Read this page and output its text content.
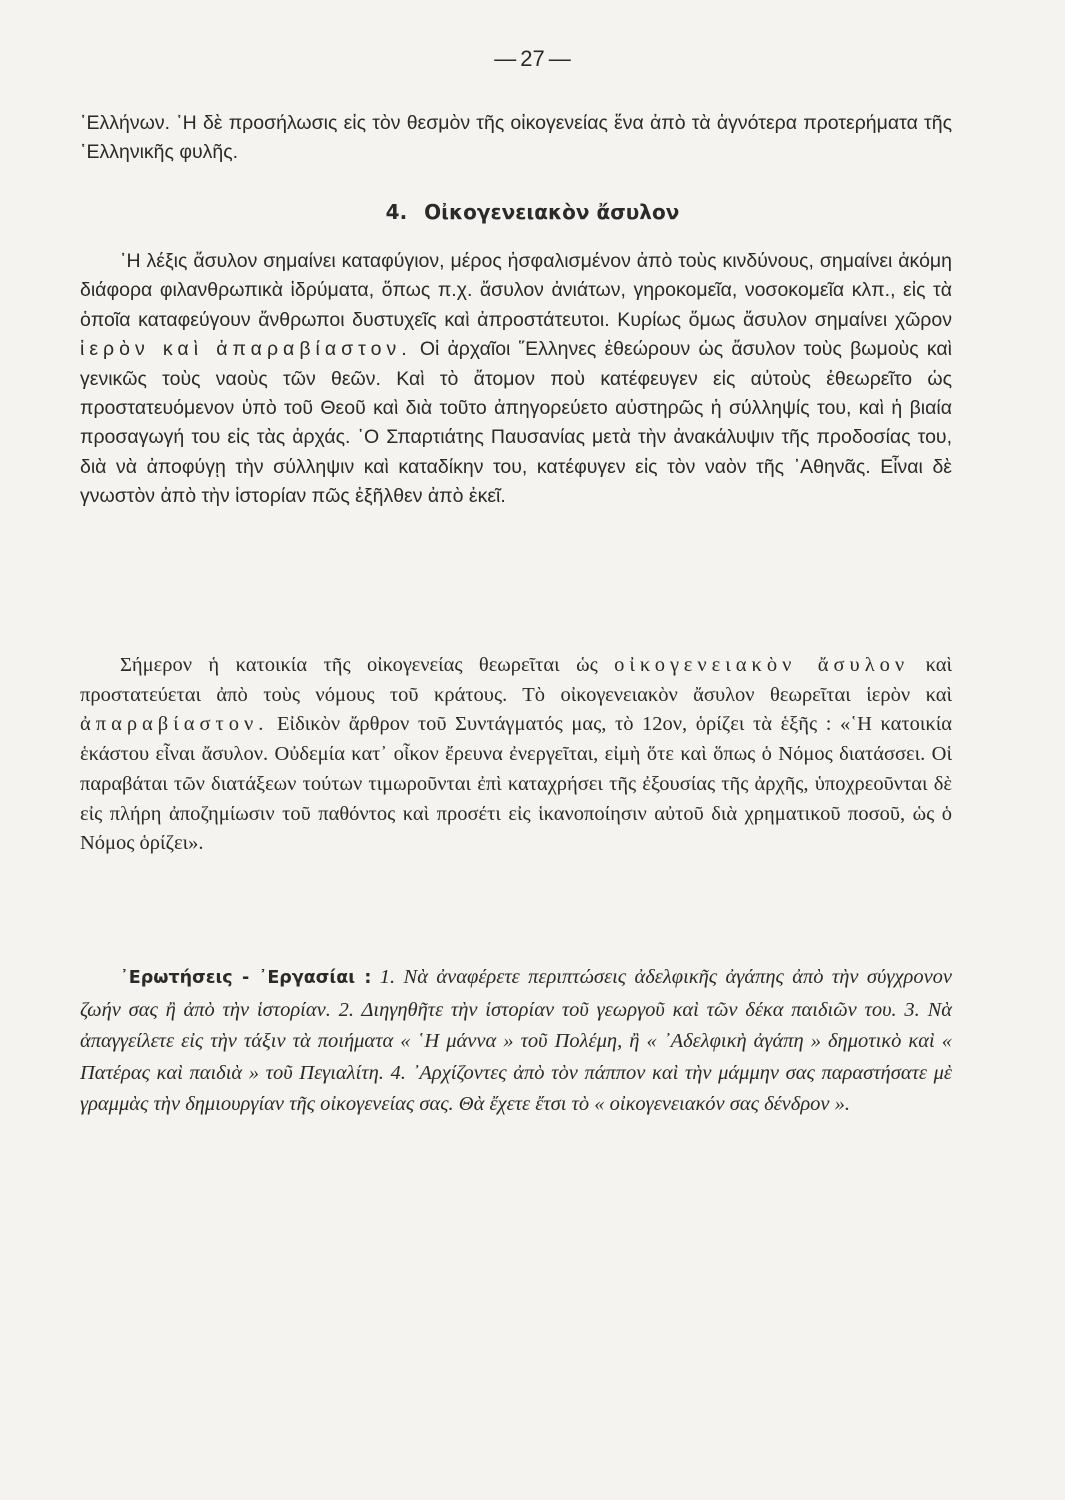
— 27 —

῾Ελλήνων. ῾Η δὲ προσήλωσις εἰς τὸν θεσμὸν τῆς οἰκογενείας ἕνα ἀπὸ τὰ ἁγνότερα προτερήματα τῆς ῾Ελληνικῆς φυλῆς.

4. Οἰκογενειακὸν ἄσυλον

῾Η λέξις ἄσυλον σημαίνει καταφύγιον, μέρος ἠσφαλισμένον ἀπὸ τοὺς κινδύνους, σημαίνει ἀκόμη διάφορα φιλανθρωπικὰ ἱδρύματα, ὅπως π.χ. ἄσυλον ἀνιάτων, γηροκομεῖα, νοσοκομεῖα κλπ., εἰς τὰ ὁποῖα καταφεύγουν ἄνθρωποι δυστυχεῖς καὶ ἀπροστάτευτοι. Κυρίως ὅμως ἄσυλον σημαίνει χῶρον ἱερὸν καὶ ἀπαραβίαστον. Οἱ ἀρχαῖοι ῞Ελληνες ἐθεώρουν ὡς ἄσυλον τοὺς βωμοὺς καὶ γενικῶς τοὺς ναοὺς τῶν θεῶν. Καὶ τὸ ἄτομον ποὺ κατέφευγεν εἰς αὐτοὺς ἐθεωρεῖτο ὡς προστατευόμενον ὑπὸ τοῦ Θεοῦ καὶ διὰ τοῦτο ἀπηγορεύετο αὐστηρῶς ἡ σύλληψίς του, καὶ ἡ βιαία προσαγωγή του εἰς τὰς ἀρχάς. ῾Ο Σπαρτιάτης Παυσανίας μετὰ τὴν ἀνακάλυψιν τῆς προδοσίας του, διὰ νὰ ἀποφύγῃ τὴν σύλληψιν καὶ καταδίκην του, κατέφυγεν εἰς τὸν ναὸν τῆς ᾿Αθηνᾶς. Εἶναι δὲ γνωστὸν ἀπὸ τὴν ἱστορίαν πῶς ἐξῆλθεν ἀπὸ ἐκεῖ.

Σήμερον ἡ κατοικία τῆς οἰκογενείας θεωρεῖται ὡς οἰκογενειακὸν ἄσυλον καὶ προστατεύεται ἀπὸ τοὺς νόμους τοῦ κράτους. Τὸ οἰκογενειακὸν ἄσυλον θεωρεῖται ἱερὸν καὶ ἀπαραβίαστον. Εἰδικὸν ἄρθρον τοῦ Συντάγματός μας, τὸ 12ον, ὁρίζει τὰ ἑξῆς : «῾Η κατοικία ἑκάστου εἶναι ἄσυλον. Οὐδεμία κατ᾿ οἶκον ἔρευνα ἐνεργεῖται, εἰμὴ ὅτε καὶ ὅπως ὁ Νόμος διατάσσει. Οἱ παραβάται τῶν διατάξεων τούτων τιμωροῦνται ἐπὶ καταχρήσει τῆς ἐξουσίας τῆς ἀρχῆς, ὑποχρεοῦνται δὲ εἰς πλήρη ἀποζημίωσιν τοῦ παθόντος καὶ προσέτι εἰς ἱκανοποίησιν αὐτοῦ διὰ χρηματικοῦ ποσοῦ, ὡς ὁ Νόμος ὁρίζει».

᾿Ερωτήσεις - ᾿Εργασίαι : 1. Νὰ ἀναφέρετε περιπτώσεις ἀδελφικῆς ἀγάπης ἀπὸ τὴν σύγχρονον ζωήν σας ἢ ἀπὸ τὴν ἱστορίαν. 2. Διηγηθῆτε τὴν ἱστορίαν τοῦ γεωργοῦ καὶ τῶν δέκα παιδιῶν του. 3. Νὰ ἀπαγγείλετε εἰς τὴν τάξιν τὰ ποιήματα « ῾Η μάννα » τοῦ Πολέμη, ἢ « ᾿Αδελφικὴ ἀγάπη » δημοτικὸ καὶ « Πατέρας καὶ παιδιὰ » τοῦ Πεγιαλίτη. 4. ᾿Αρχίζοντες ἀπὸ τὸν πάππον καὶ τὴν μάμμην σας παραστήσατε μὲ γραμμὰς τὴν δημιουργίαν τῆς οἰκογενείας σας. Θὰ ἔχετε ἔτσι τὸ « οἰκογενειακόν σας δένδρον ».
